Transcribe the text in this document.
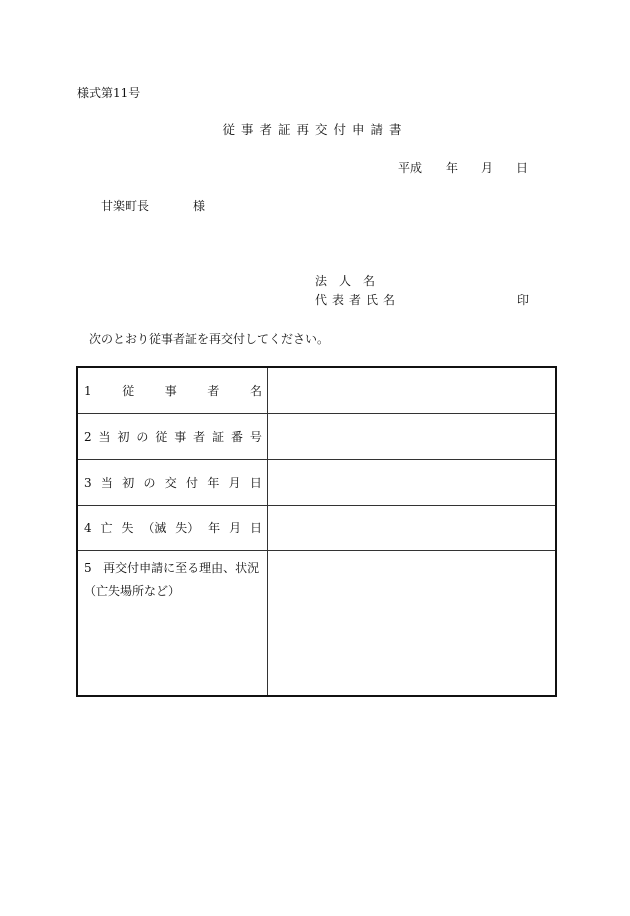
様式第11号
従事者証再交付申請書
平成 年 月 日
甘楽町長	様
法人名
代表者氏名	印
次のとおり従事者証を再交付してください。
1	従	事	者	名
2 当 初 の 従 事 者 証 番 号
3 当 初 の 交 付 年 月 日
4 亡 失 （滅 失） 年 月 日
5 再交付申請に至る理由、状況
（亡失場所など）
